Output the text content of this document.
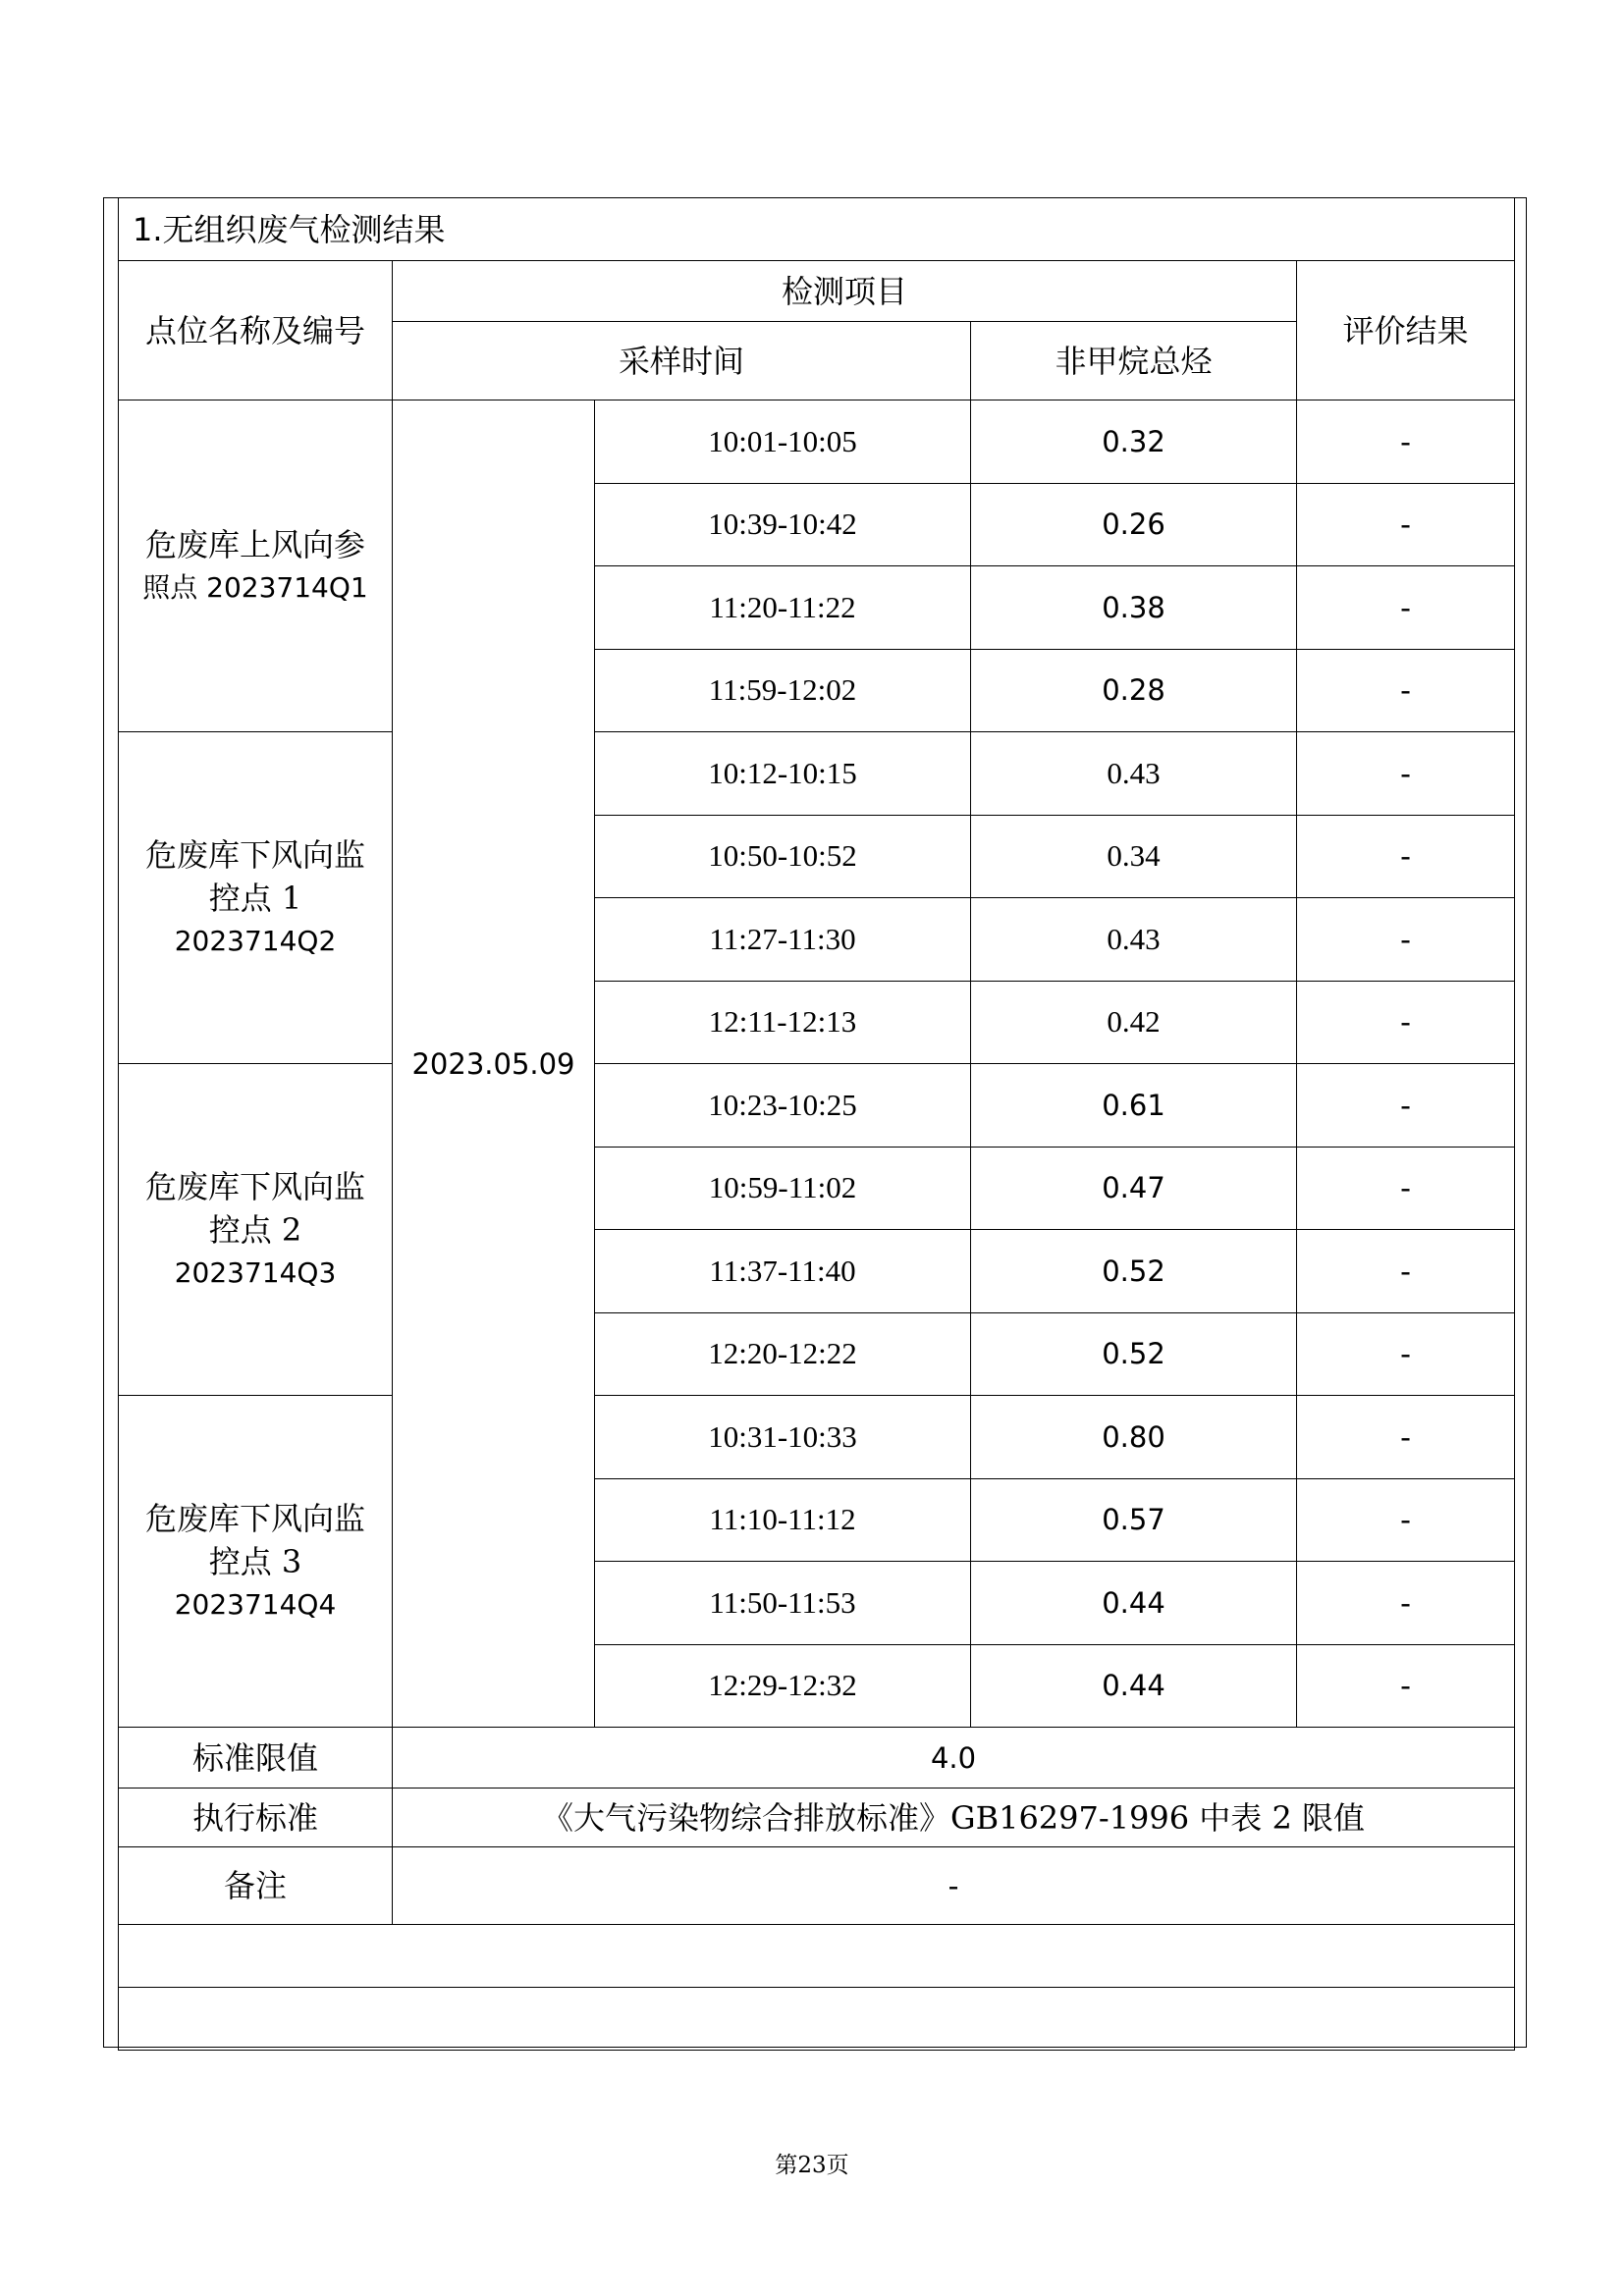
1.无组织废气检测结果				
点位名称及编号	检测项目			评价结果
	采样时间		非甲烷总烃	

危废库上风向参
照点 2023714Q1	2023.05.09	10:01-10:05	0.32	-
		10:39-10:42	0.26	-
		11:20-11:22	0.38	-
		11:59-12:02	0.28	-

危废库下风向监
控点 1
2023714Q2		10:12-10:15	0.43	-
		10:50-10:52	0.34	-
		11:27-11:30	0.43	-
		12:11-12:13	0.42	-

危废库下风向监
控点 2
2023714Q3		10:23-10:25	0.61	-
		10:59-11:02	0.47	-
		11:37-11:40	0.52	-
		12:20-12:22	0.52	-

危废库下风向监
控点 3
2023714Q4		10:31-10:33	0.80	-
		11:10-11:12	0.57	-
		11:50-11:53	0.44	-
		12:29-12:32	0.44	-
标准限值	4.0			
执行标准	《大气污染物综合排放标准》GB16297-1996 中表 2 限值			
备注	-			

第23页
